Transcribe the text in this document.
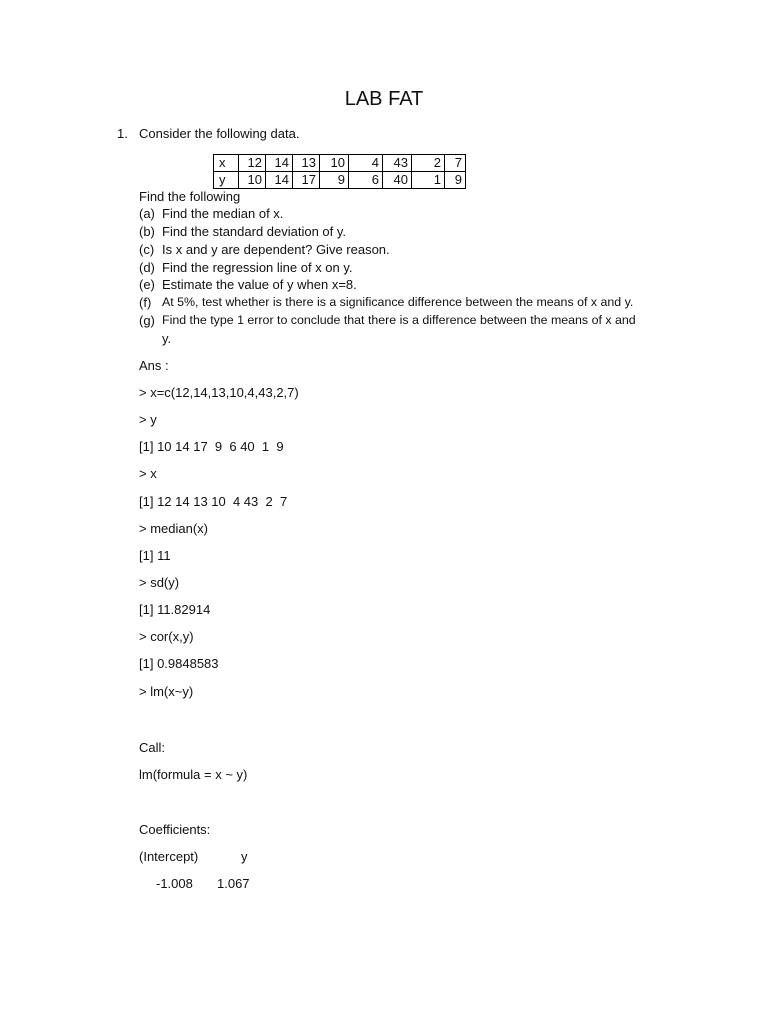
LAB FAT
1. Consider the following data.
x	12	14	13	10	4	43	2	7
y	10	14	17	9	6	40	1	9
Find the following
(a) Find the median of x.
(b) Find the standard deviation of y.
(c) Is x and y are dependent? Give reason.
(d) Find the regression line of x on y.
(e) Estimate the value of y when x=8.
(f) At 5%, test whether is there is a significance difference between the means of x and y.
(g) Find the type 1 error to conclude that there is a difference between the means of x and
y.
Ans :
> x=c(12,14,13,10,4,43,2,7)
> y
[1] 10 14 17  9  6 40  1  9
> x
[1] 12 14 13 10  4 43  2  7
> median(x)
[1] 11
> sd(y)
[1] 11.82914
> cor(x,y)
[1] 0.9848583
> lm(x~y)
Call:
lm(formula = x ~ y)
Coefficients:
(Intercept)	y
-1.008 1.067
